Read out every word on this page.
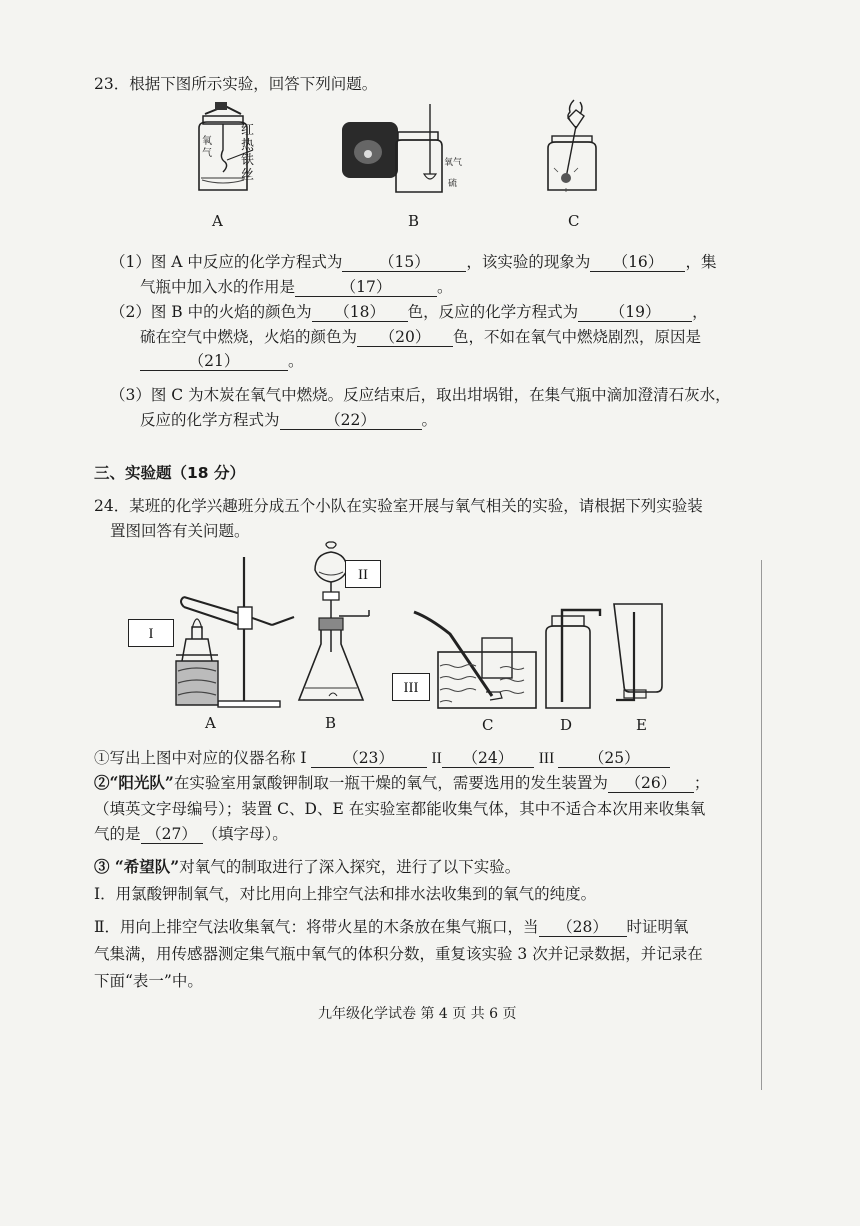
23．根据下图所示实验，回答下列问题。
氧气
红热铁丝
A
氧气
硫
B	C
（1）图 A 中反应的化学方程式为 （15） ，该实验的现象为 （16） ，集
气瓶中加入水的作用是	（17）	。
（2）图 B 中的火焰的颜色为 （18） 色，反应的化学方程式为 （19） ，
硫在空气中燃烧，火焰的颜色为 （20） 色，不如在氧气中燃烧剧烈，原因是
（21）	。
（3）图 C 为木炭在氧气中燃烧。反应结束后，取出坩埚钳，在集气瓶中滴加澄清石灰水，
反应的化学方程式为	（22）	。
三、实验题（18 分）
24．某班的化学兴趣班分成五个小队在实验室开展与氧气相关的实验，请根据下列实验装
置图回答有关问题。
I
A
II
B
III
C	D	E
①写出上图中对应的仪器名称 I （23） II （24） III （25）
②“阳光队”在实验室用氯酸钾制取一瓶干燥的氧气，需要选用的发生装置为 （26） ；
（填英文字母编号）；装置 C、D、E 在实验室都能收集气体，其中不适合本次用来收集氧
气的是 （27） （填字母）。
③ “希望队”对氧气的制取进行了深入探究，进行了以下实验。
Ⅰ．用氯酸钾制氧气，对比用向上排空气法和排水法收集到的氧气的纯度。
Ⅱ．用向上排空气法收集氧气：将带火星的木条放在集气瓶口，当 （28） 时证明氧
气集满，用传感器测定集气瓶中氧气的体积分数，重复该实验 3 次并记录数据，并记录在
下面“表一”中。
九年级化学试卷 第 4 页 共 6 页
